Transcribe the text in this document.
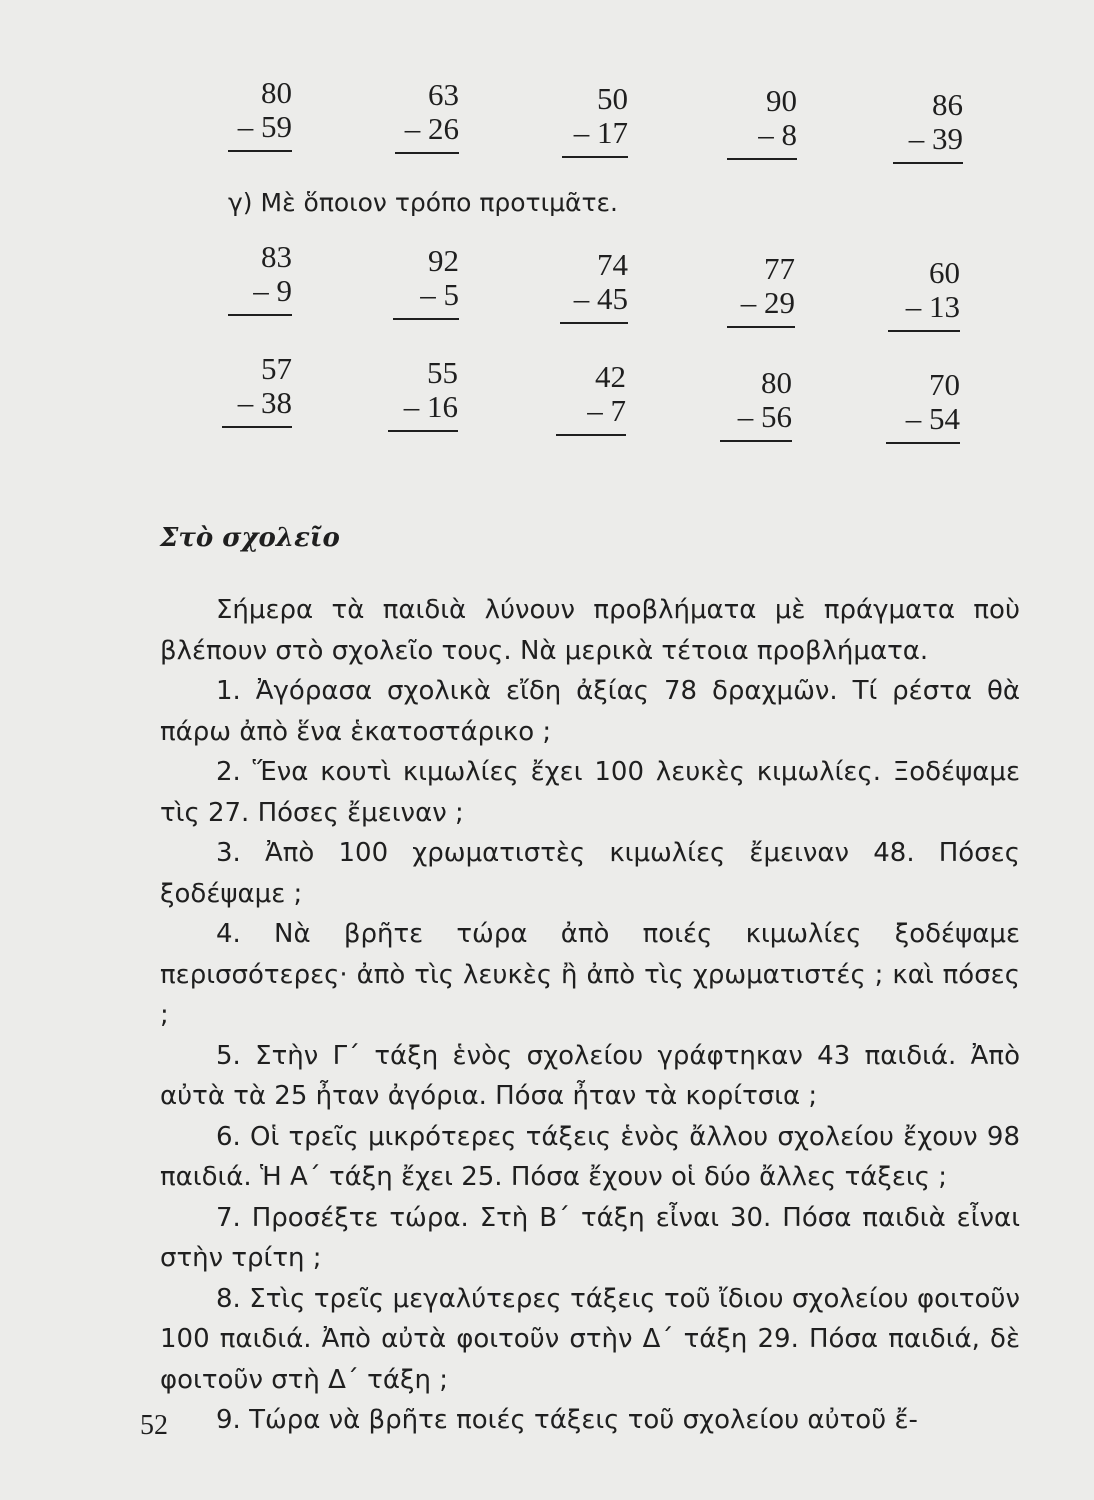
80
– 59
63
– 26
50
– 17
90
– 8
86
– 39
γ) Μὲ ὅποιον τρόπο προτιμᾶτε.
83
– 9
92
– 5
74
– 45
77
– 29
60
– 13
57
– 38
55
– 16
42
– 7
80
– 56
70
– 54
Στὸ σχολεῖο

Σήμερα τὰ παιδιὰ λύνουν προβλήματα μὲ πράγματα ποὺ βλέπουν στὸ σχολεῖο τους. Νὰ μερικὰ τέτοια προβλήματα.

1. Ἀγόρασα σχολικὰ εἴδη ἀξίας 78 δραχμῶν. Τί ρέστα θὰ πάρω ἀπὸ ἕνα ἑκατοστάρικο ;

2. Ἕνα κουτὶ κιμωλίες ἔχει 100 λευκὲς κιμωλίες. Ξοδέψαμε τὶς 27. Πόσες ἔμειναν ;

3. Ἀπὸ 100 χρωματιστὲς κιμωλίες ἔμειναν 48. Πόσες ξοδέψαμε ;

4. Νὰ βρῆτε τώρα ἀπὸ ποιές κιμωλίες ξοδέψαμε περισσότερες· ἀπὸ τὶς λευκὲς ἢ ἀπὸ τὶς χρωματιστές ; καὶ πόσες ;

5. Στὴν Γ΄ τάξη ἑνὸς σχολείου γράφτηκαν 43 παιδιά. Ἀπὸ αὐτὰ τὰ 25 ἦταν ἀγόρια. Πόσα ἦταν τὰ κορίτσια ;

6. Οἱ τρεῖς μικρότερες τάξεις ἑνὸς ἄλλου σχολείου ἔχουν 98 παιδιά. Ἡ Α΄ τάξη ἔχει 25. Πόσα ἔχουν οἱ δύο ἄλλες τάξεις ;

7. Προσέξτε τώρα. Στὴ Β΄ τάξη εἶναι 30. Πόσα παιδιὰ εἶναι στὴν τρίτη ;

8. Στὶς τρεῖς μεγαλύτερες τάξεις τοῦ ἴδιου σχολείου φοιτοῦν 100 παιδιά. Ἀπὸ αὐτὰ φοιτοῦν στὴν Δ΄ τάξη 29. Πόσα παιδιά, δὲ φοιτοῦν στὴ Δ΄ τάξη ;

9. Τώρα νὰ βρῆτε ποιές τάξεις τοῦ σχολείου αὐτοῦ ἔ-

52
